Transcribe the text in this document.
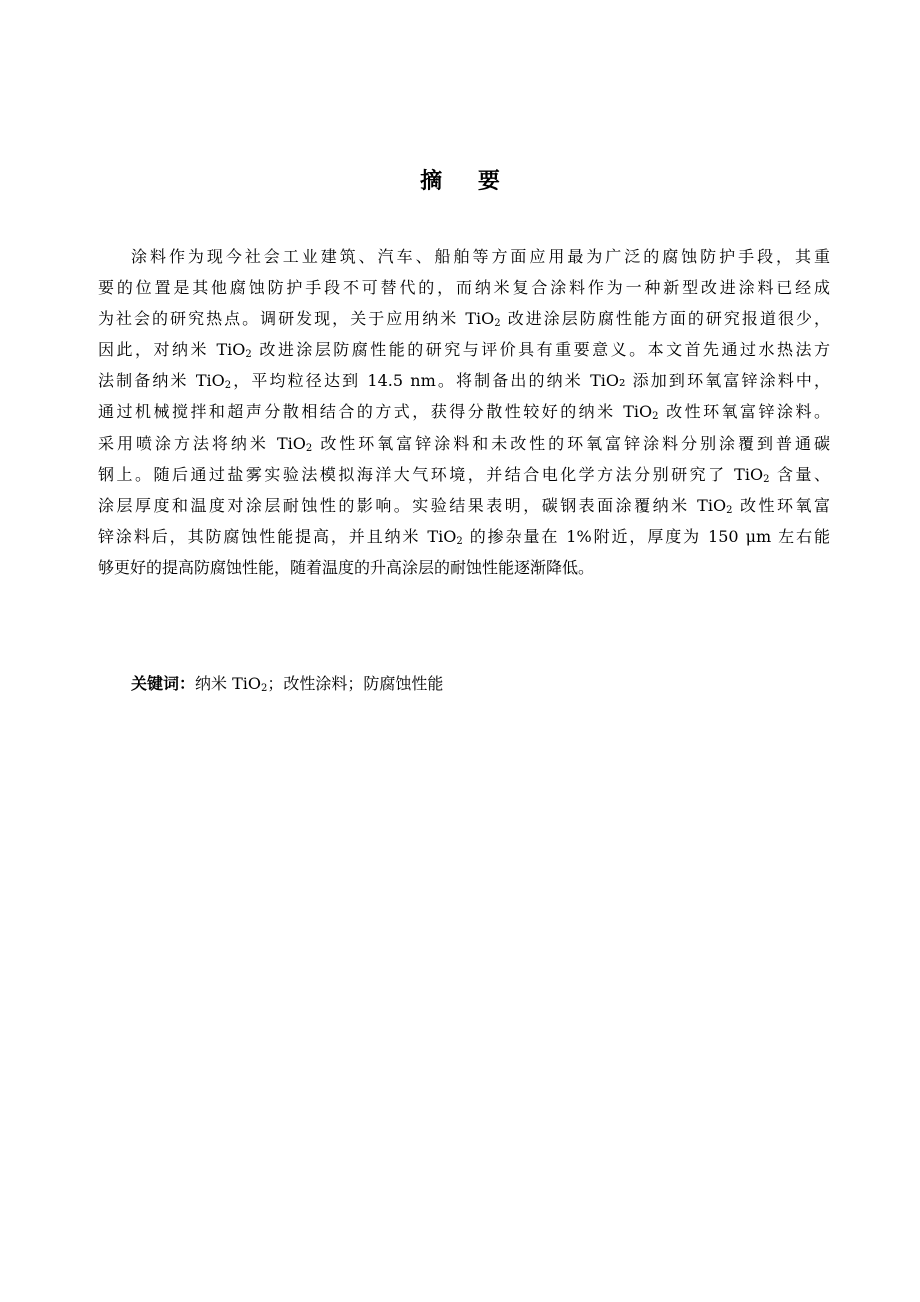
摘 要
涂料作为现今社会工业建筑、汽车、船舶等方面应用最为广泛的腐蚀防护手段，其重
要的位置是其他腐蚀防护手段不可替代的，而纳米复合涂料作为一种新型改进涂料已经成
为社会的研究热点。调研发现，关于应用纳米 TiO$_2$ 改进涂层防腐性能方面的研究报道很少，
因此，对纳米 TiO$_2$ 改进涂层防腐性能的研究与评价具有重要意义。本文首先通过水热法方
法制备纳米 TiO$_2$，平均粒径达到 14.5 nm。将制备出的纳米 TiO₂ 添加到环氧富锌涂料中，
通过机械搅拌和超声分散相结合的方式，获得分散性较好的纳米 TiO$_2$ 改性环氧富锌涂料。
采用喷涂方法将纳米 TiO$_2$ 改性环氧富锌涂料和未改性的环氧富锌涂料分别涂覆到普通碳
钢上。随后通过盐雾实验法模拟海洋大气环境，并结合电化学方法分别研究了 TiO$_2$ 含量、
涂层厚度和温度对涂层耐蚀性的影响。实验结果表明，碳钢表面涂覆纳米 TiO$_2$ 改性环氧富
锌涂料后，其防腐蚀性能提高，并且纳米 TiO$_2$ 的掺杂量在 1%附近，厚度为 150 μm 左右能
够更好的提高防腐蚀性能，随着温度的升高涂层的耐蚀性能逐渐降低。
关键词：纳米 TiO$_2$；改性涂料；防腐蚀性能
